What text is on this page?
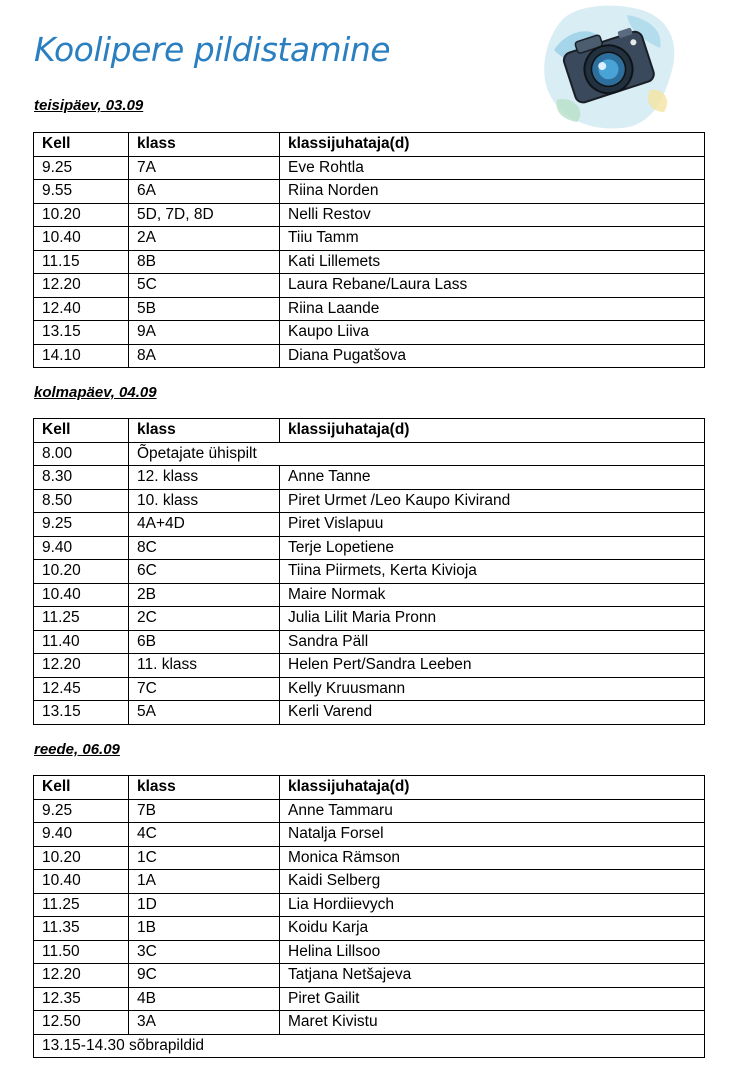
Koolipere pildistamine
teisipäev, 03.09
Kell	klass	klassijuhataja(d)
9.25	7A	Eve Rohtla
9.55	6A	Riina Norden
10.20	5D, 7D, 8D	Nelli Restov
10.40	2A	Tiiu Tamm
11.15	8B	Kati Lillemets
12.20	5C	Laura Rebane/Laura Lass
12.40	5B	Riina Laande
13.15	9A	Kaupo Liiva
14.10	8A	Diana Pugatšova
kolmapäev, 04.09
Kell	klass	klassijuhataja(d)
8.00	Õpetajate ühispilt	
8.30	12. klass	Anne Tanne
8.50	10. klass	Piret Urmet /Leo Kaupo Kivirand
9.25	4A+4D	Piret Vislapuu
9.40	8C	Terje Lopetiene
10.20	6C	Tiina Piirmets, Kerta Kivioja
10.40	2B	Maire Normak
11.25	2C	Julia Lilit Maria Pronn
11.40	6B	Sandra Päll
12.20	11. klass	Helen Pert/Sandra Leeben
12.45	7C	Kelly Kruusmann
13.15	5A	Kerli Varend
reede, 06.09
Kell	klass	klassijuhataja(d)
9.25	7B	Anne Tammaru
9.40	4C	Natalja Forsel
10.20	1C	Monica Rämson
10.40	1A	Kaidi Selberg
11.25	1D	Lia Hordiievych
11.35	1B	Koidu Karja
11.50	3C	Helina Lillsoo
12.20	9C	Tatjana Netšajeva
12.35	4B	Piret Gailit
12.50	3A	Maret Kivistu
13.15-14.30 sõbrapildid		
